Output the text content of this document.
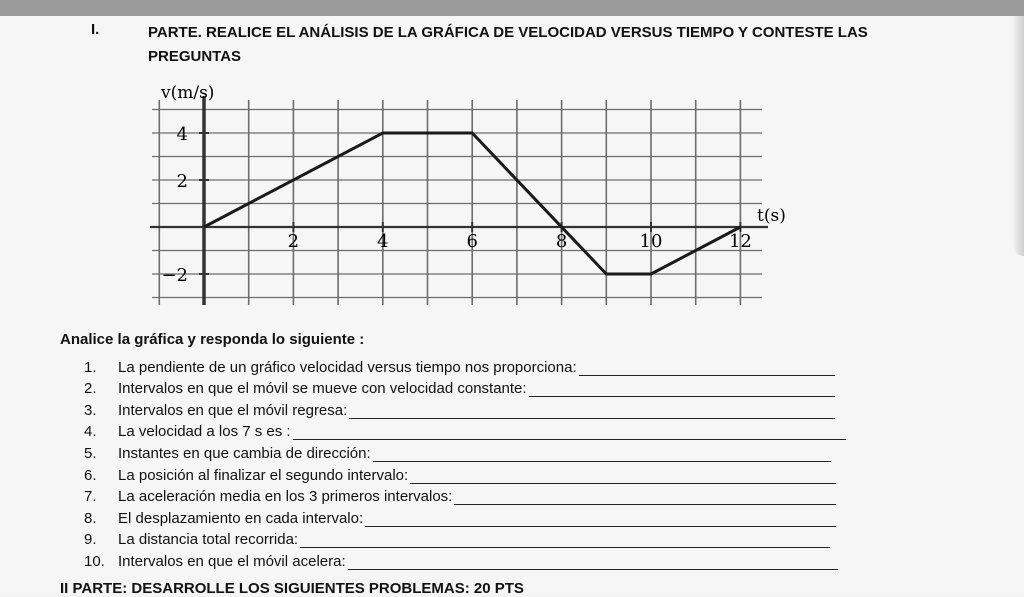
I.	PARTE. REALICE EL ANÁLISIS DE LA GRÁFICA DE VELOCIDAD VERSUS TIEMPO Y CONTESTE LAS PREGUNTAS
2	4	6	8	10	12
4
2
−2
v(m/s)
t(s)
Analice la gráfica y responda lo siguiente :
1.	La pendiente de un gráfico velocidad versus tiempo nos proporciona:
2.	Intervalos en que el móvil se mueve con velocidad constante:
3.	Intervalos en que el móvil regresa:
4.	La velocidad a los 7 s es :
5.	Instantes en que cambia de dirección:
6.	La posición al finalizar el segundo intervalo:
7.	La aceleración media en los 3 primeros intervalos:
8.	El desplazamiento en cada intervalo:
9.	La distancia total recorrida:
10. Intervalos en que el móvil acelera:
II PARTE: DESARROLLE LOS SIGUIENTES PROBLEMAS: 20 PTS
